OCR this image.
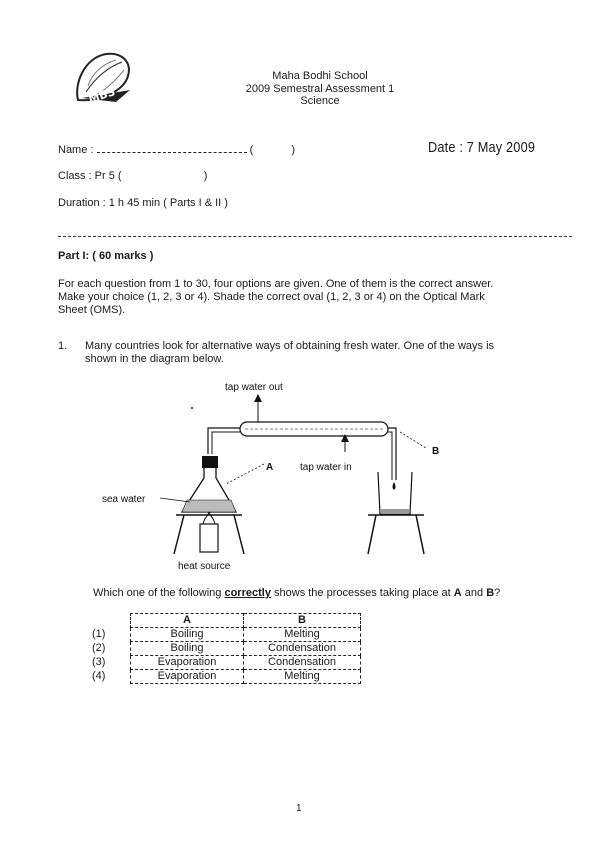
MBS
Maha Bodhi School
2009 Semestral Assessment 1
Science
Name :	(	)	Date : 7 May 2009
Class : Pr 5 (	)
Duration : 1 h 45 min ( Parts I & II )
Part I: ( 60 marks )
For each question from 1 to 30, four options are given. One of them is the correct answer.
Make your choice (1, 2, 3 or 4). Shade the correct oval (1, 2, 3 or 4) on the Optical Mark
Sheet (OMS).
1. Many countries look for alternative ways of obtaining fresh water. One of the ways is
shown in the diagram below.
tap water out
tap water in
A
B
sea water
heat source
Which one of the following correctly shows the processes taking place at A and B?
	A	B
(1)	Boiling	Melting
(2)	Boiling	Condensation
(3)	Evaporation	Condensation
(4)	Evaporation	Melting
1
